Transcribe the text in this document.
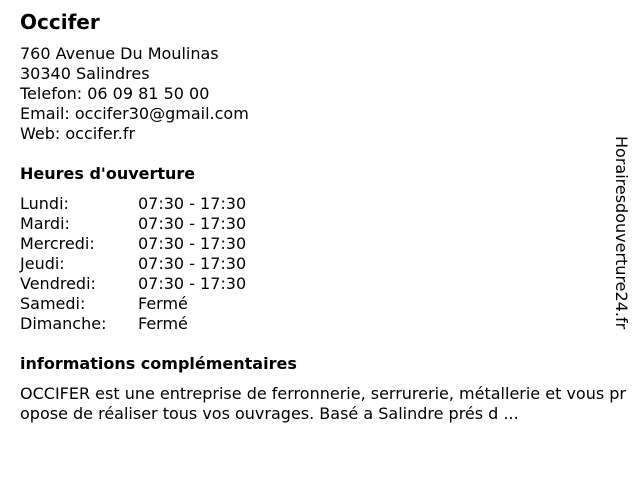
Occifer
760 Avenue Du Moulinas
30340 Salindres
Telefon: 06 09 81 50 00
Email: occifer30@gmail.com
Web: occifer.fr
Heures d'ouverture
Lundi:	07:30 - 17:30
Mardi:	07:30 - 17:30
Mercredi:	07:30 - 17:30
Jeudi:	07:30 - 17:30
Vendredi:	07:30 - 17:30
Samedi:	Fermé
Dimanche: Fermé
informations complémentaires
OCCIFER est une entreprise de ferronnerie, serrurerie, métallerie et vous propose de réaliser tous vos ouvrages. Basé a Salindre prés d ...
Horairesdouverture24.fr
